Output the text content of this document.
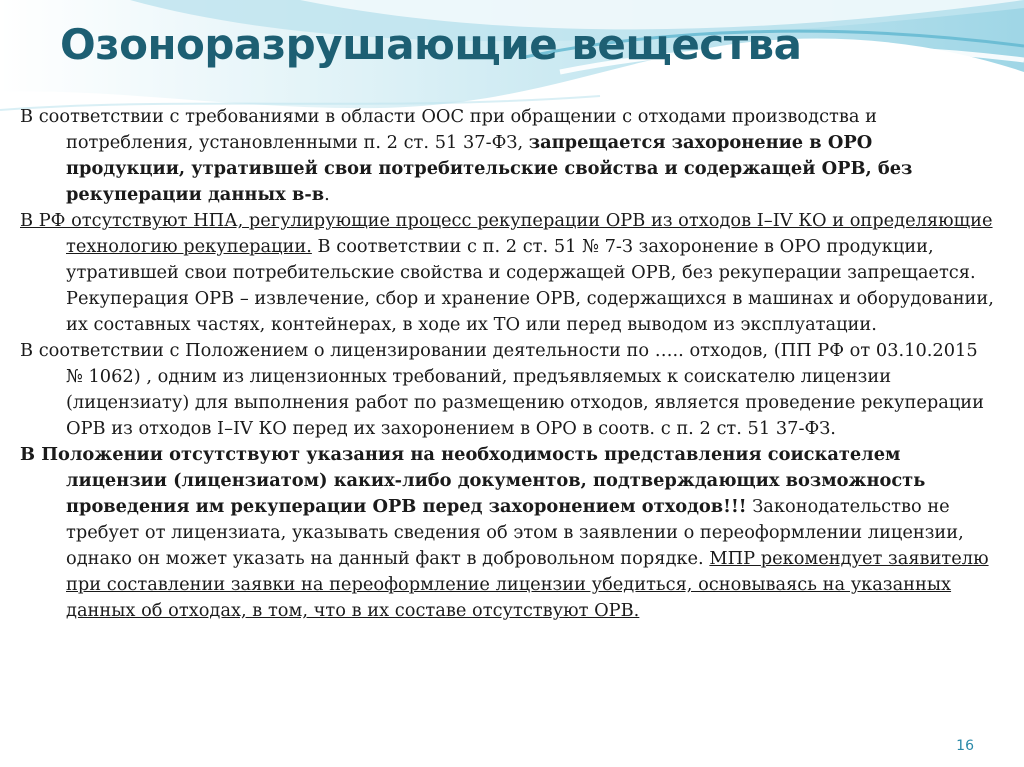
Озоноразрушающие вещества

В соответствии с требованиями в области ООС при обращении с отходами производства и потребления, установленными п. 2 ст. 51 37-ФЗ, запрещается захоронение в ОРО продукции, утратившей свои потребительские свойства и содержащей ОРВ, без рекуперации данных в-в.

В РФ отсутствуют НПА, регулирующие процесс рекуперации ОРВ из отходов I–IV КО и определяющие технологию рекуперации. В соответствии с п. 2 ст. 51 № 7-З захоронение в ОРО продукции, утратившей свои потребительские свойства и содержащей ОРВ, без рекуперации запрещается. Рекуперация ОРВ – извлечение, сбор и хранение ОРВ, содержащихся в машинах и оборудовании, их составных частях, контейнерах, в ходе их ТО или перед выводом из эксплуатации.

В соответствии с Положением о лицензировании деятельности по ….. отходов, (ПП РФ от 03.10.2015 № 1062) , одним из лицензионных требований, предъявляемых к соискателю лицензии (лицензиату) для выполнения работ по размещению отходов, является проведение рекуперации ОРВ из отходов I–IV КО перед их захоронением в ОРО в соотв. с п. 2 ст. 51 37-ФЗ.

В Положении отсутствуют указания на необходимость представления соискателем лицензии (лицензиатом) каких-либо документов, подтверждающих возможность проведения им рекуперации ОРВ перед захоронением отходов!!! Законодательство не требует от лицензиата, указывать сведения об этом в заявлении о переоформлении лицензии, однако он может указать на данный факт в добровольном порядке. МПР рекомендует заявителю при составлении заявки на переоформление лицензии убедиться, основываясь на указанных данных об отходах, в том, что в их составе отсутствуют ОРВ.

16
